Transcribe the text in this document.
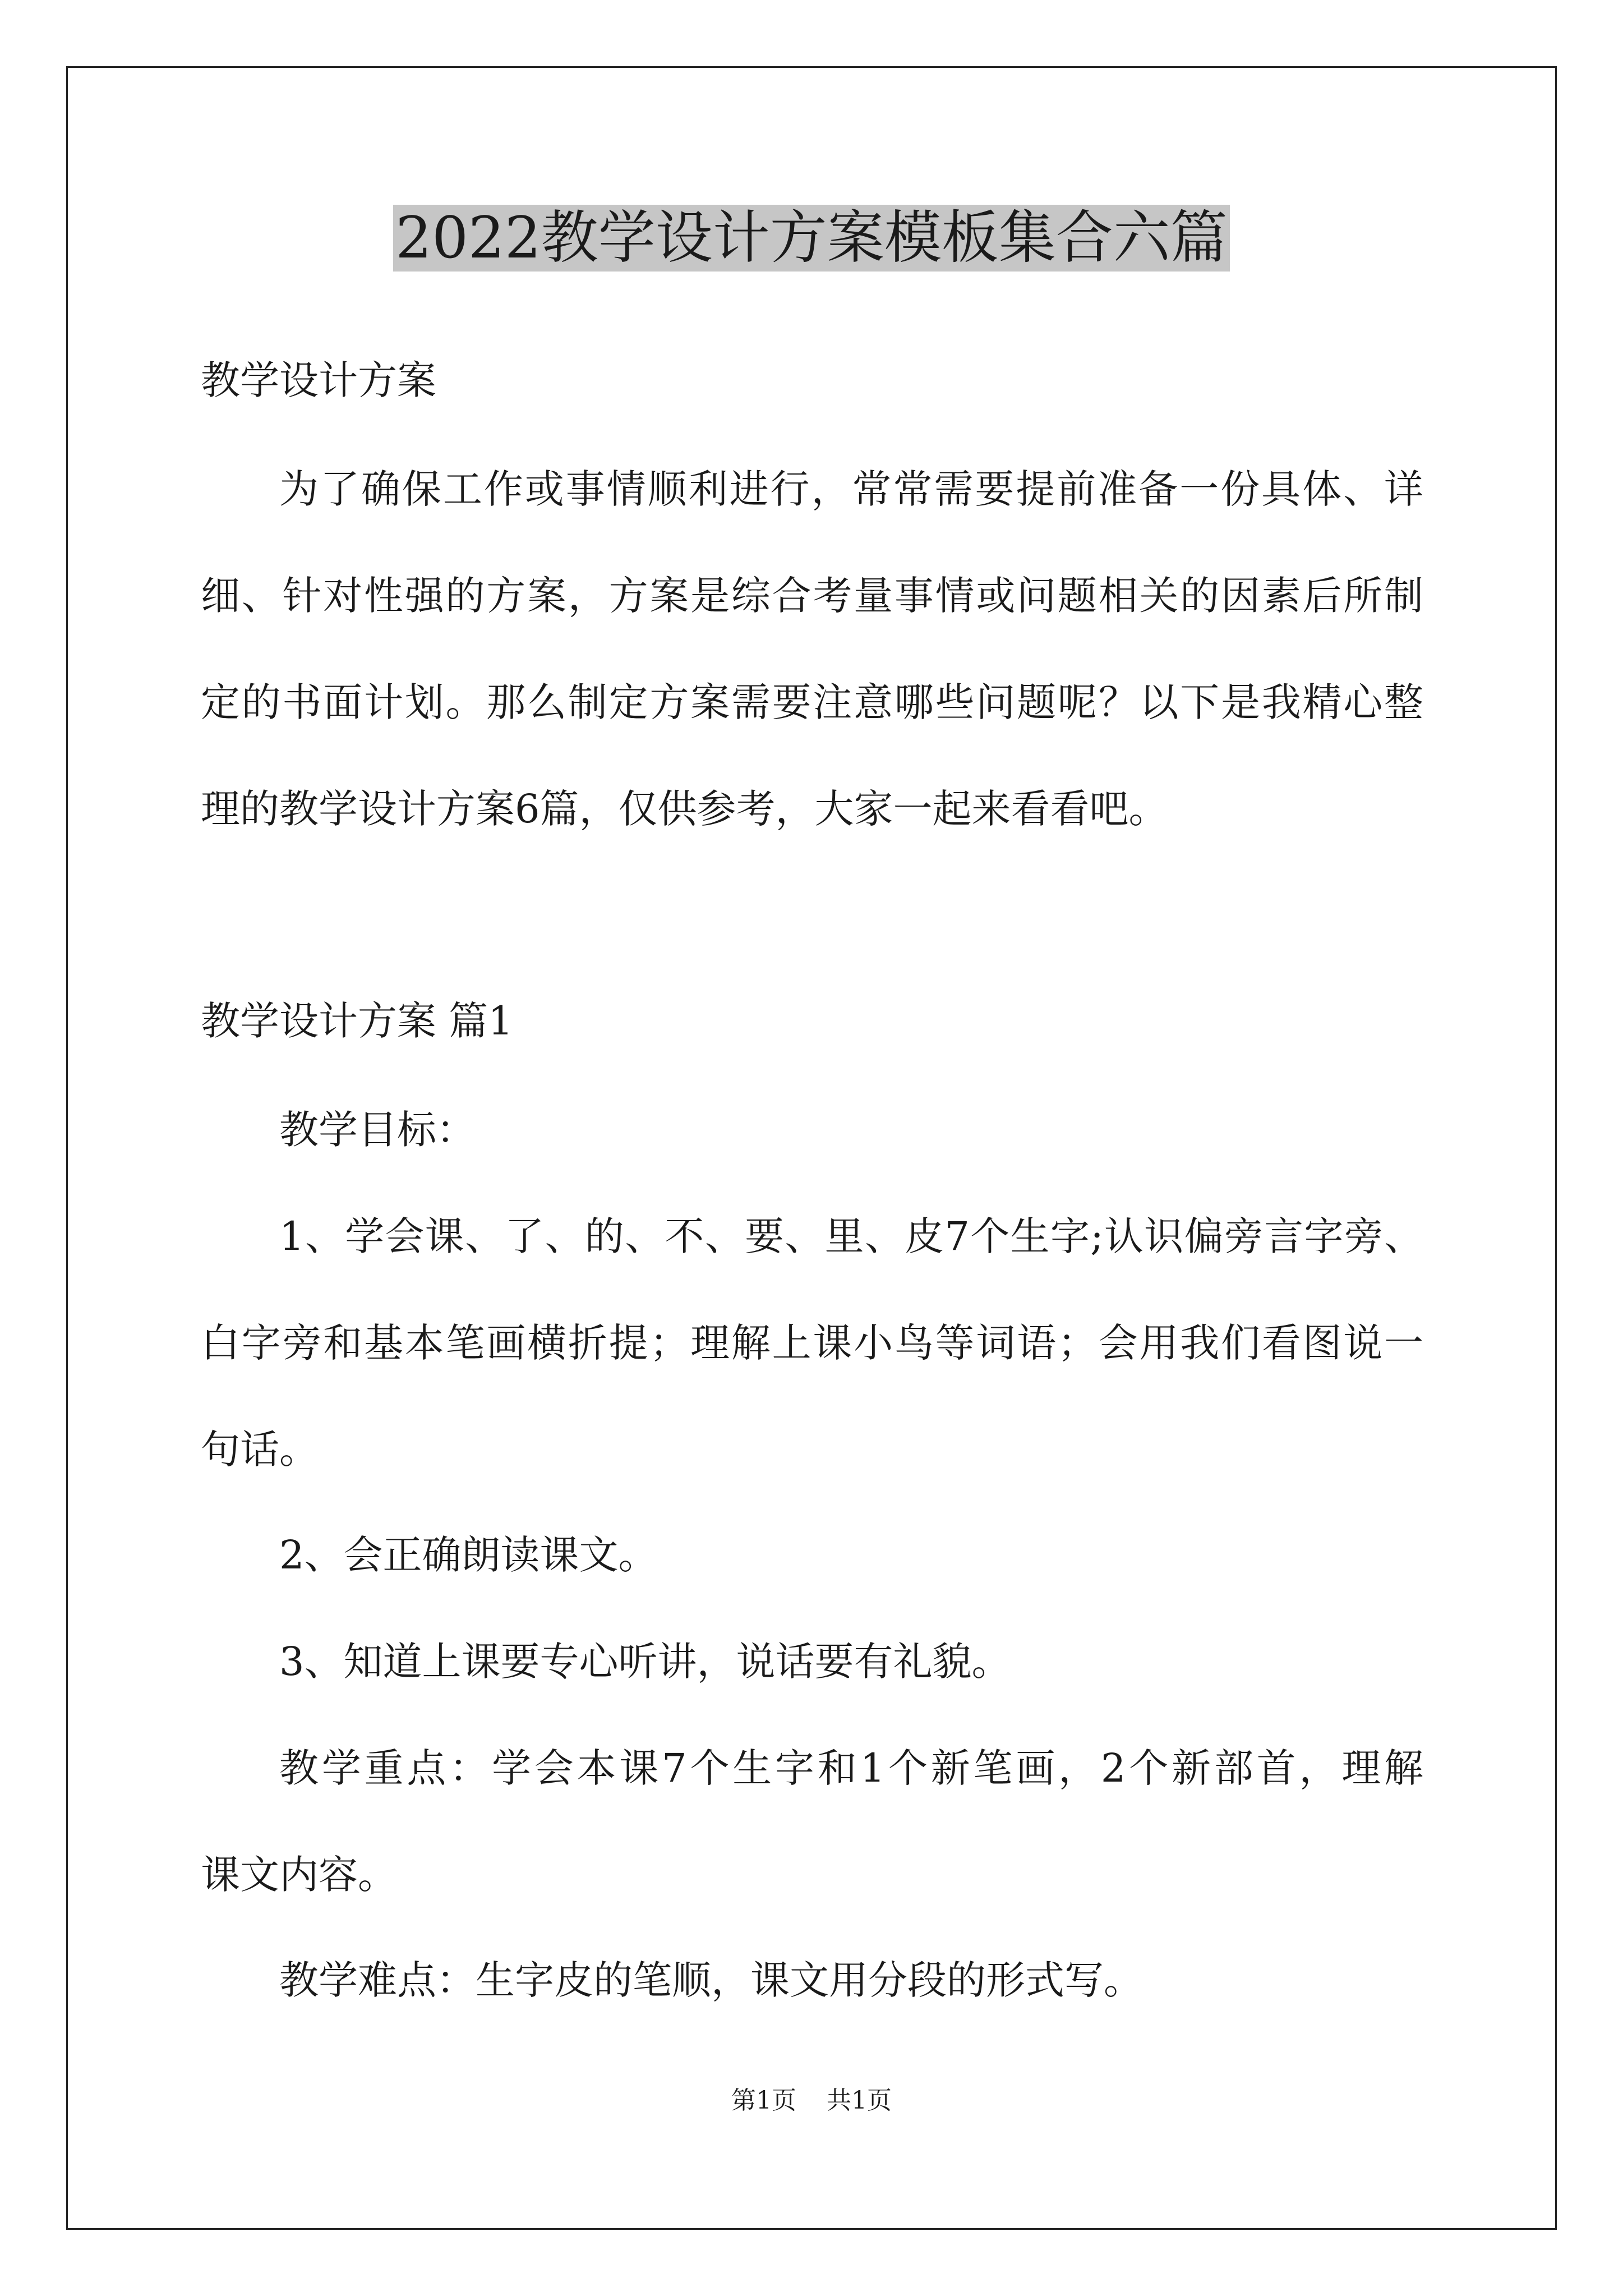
2022教学设计方案模板集合六篇

教学设计方案

为了确保工作或事情顺利进行，常常需要提前准备一份具体、详

细、针对性强的方案，方案是综合考量事情或问题相关的因素后所制

定的书面计划。那么制定方案需要注意哪些问题呢？以下是我精心整

理的教学设计方案6篇，仅供参考，大家一起来看看吧。

教学设计方案 篇1

教学目标：

1、学会课、了、的、不、要、里、皮7个生字;认识偏旁言字旁、

白字旁和基本笔画横折提；理解上课小鸟等词语；会用我们看图说一

句话。

2、会正确朗读课文。

3、知道上课要专心听讲，说话要有礼貌。

教学重点：学会本课7个生字和1个新笔画，2个新部首，理解

课文内容。

教学难点：生字皮的笔顺，课文用分段的形式写。

第1页 共1页
